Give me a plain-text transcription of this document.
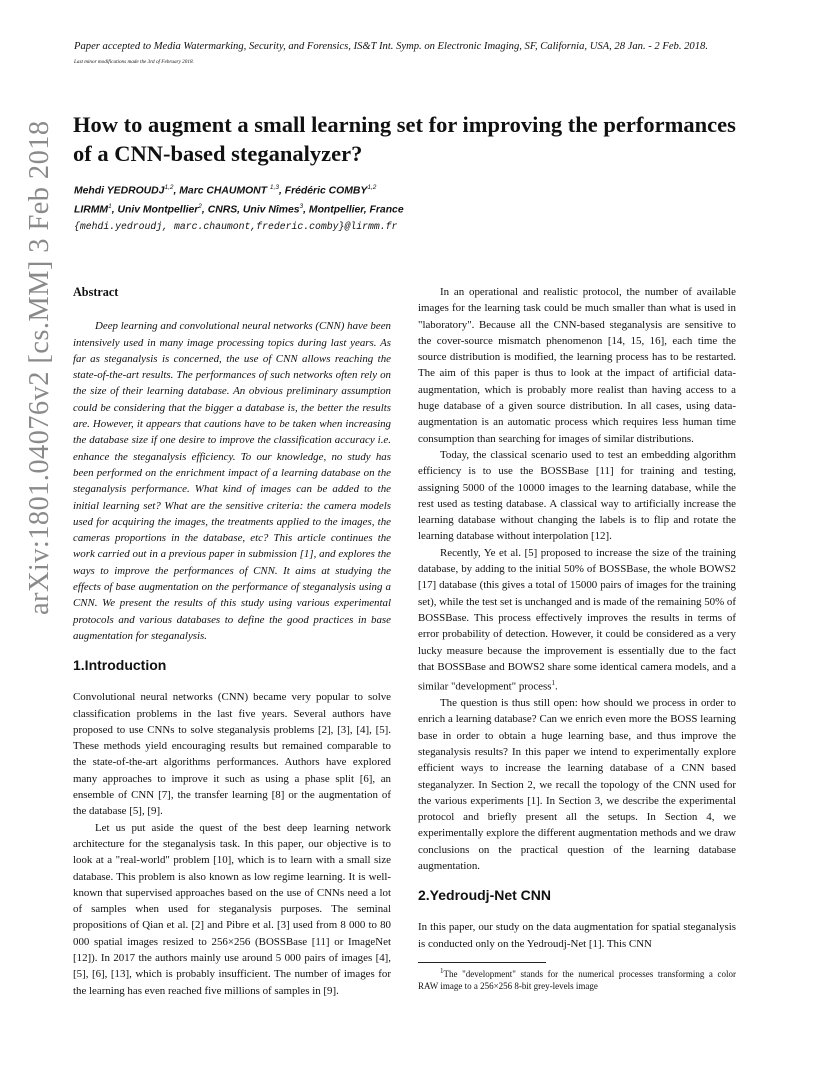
Paper accepted to Media Watermarking, Security, and Forensics, IS&T Int. Symp. on Electronic Imaging, SF, California, USA, 28 Jan. - 2 Feb. 2018.
Last minor modifications made the 3rd of February 2018.
How to augment a small learning set for improving the performances of a CNN-based steganalyzer?
Mehdi YEDROUDJ$^{1,2}$, Marc CHAUMONT $^{1,3}$, Frédéric COMBY$^{1,2}$
LIRMM$^1$, Univ Montpellier$^2$, CNRS, Univ Nîmes$^3$, Montpellier, France
{mehdi.yedroudj, marc.chaumont,frederic.comby}@lirmm.fr
arXiv:1801.04076v2 [cs.MM] 3 Feb 2018 Abstract

Deep learning and convolutional neural networks (CNN) have been intensively used in many image processing topics during last years. As far as steganalysis is concerned, the use of CNN allows reaching the state-of-the-art results. The performances of such networks often rely on the size of their learning database. An obvious preliminary assumption could be considering that the bigger a database is, the better the results are. However, it appears that cautions have to be taken when increasing the database size if one desire to improve the classification accuracy i.e. enhance the steganalysis efficiency. To our knowledge, no study has been performed on the enrichment impact of a learning database on the steganalysis performance. What kind of images can be added to the initial learning set? What are the sensitive criteria: the camera models used for acquiring the images, the treatments applied to the images, the cameras proportions in the database, etc? This article continues the work carried out in a previous paper in submission [1], and explores the ways to improve the performances of CNN. It aims at studying the effects of base augmentation on the performance of steganalysis using a CNN. We present the results of this study using various experimental protocols and various databases to define the good practices in base augmentation for steganalysis.

1.Introduction

Convolutional neural networks (CNN) became very popular to solve classification problems in the last five years. Several authors have proposed to use CNNs to solve steganalysis problems [2], [3], [4], [5]. These methods yield encouraging results but remained comparable to the state-of-the-art algorithms performances. Authors have explored many approaches to improve it such as using a phase split [6], an ensemble of CNN [7], the transfer learning [8] or the augmentation of the database [5], [9].

Let us put aside the quest of the best deep learning network architecture for the steganalysis task. In this paper, our objective is to look at a "real-world" problem [10], which is to learn with a small size database. This problem is also known as low regime learning. It is well-known that supervised approaches based on the use of CNNs need a lot of samples when used for steganalysis purposes. The seminal propositions of Qian et al. [2] and Pibre et al. [3] used from 8 000 to 80 000 spatial images resized to 256×256 (BOSSBase [11] or ImageNet [12]). In 2017 the authors mainly use around 5 000 pairs of images [4], [5], [6], [13], which is probably insufficient. The number of images for the learning has even reached five millions of samples in [9].

In an operational and realistic protocol, the number of available images for the learning task could be much smaller than what is used in "laboratory". Because all the CNN-based steganalysis are sensitive to the cover-source mismatch phenomenon [14, 15, 16], each time the source distribution is modified, the learning process has to be restarted. The aim of this paper is thus to look at the impact of artificial data-augmentation, which is probably more realist than having access to a huge database of a given source distribution. In all cases, using data-augmentation is an automatic process which requires less human time consumption than searching for images of similar distributions.

Today, the classical scenario used to test an embedding algorithm efficiency is to use the BOSSBase [11] for training and testing, assigning 5000 of the 10000 images to the learning database, while the rest used as testing database. A classical way to artificially increase the learning database without changing the labels is to flip and rotate the learning database without interpolation [12].

Recently, Ye et al. [5] proposed to increase the size of the training database, by adding to the initial 50% of BOSSBase, the whole BOWS2 [17] database (this gives a total of 15000 pairs of images for the training set), while the test set is unchanged and is made of the remaining 50% of BOSSBase. This process effectively improves the results in terms of error probability of detection. However, it could be considered as a very lucky measure because the improvement is essentially due to the fact that BOSSBase and BOWS2 share some identical camera models, and a similar "development" process$^1$.

The question is thus still open: how should we process in order to enrich a learning database? Can we enrich even more the BOSS learning base in order to obtain a huge learning base, and thus improve the steganalysis results? In this paper we intend to experimentally explore efficient ways to increase the learning database of a CNN based steganalyzer. In Section 2, we recall the topology of the CNN used for the various experiments [1]. In Section 3, we describe the experimental protocol and briefly present all the setups. In Section 4, we experimentally explore the different augmentation methods and we draw conclusions on the practical question of the learning database augmentation.

2.Yedroudj-Net CNN

In this paper, our study on the data augmentation for spatial steganalysis is conducted only on the Yedroudj-Net [1]. This CNN

$^1$The "development" stands for the numerical processes transforming a color RAW image to a 256×256 8-bit grey-levels image
